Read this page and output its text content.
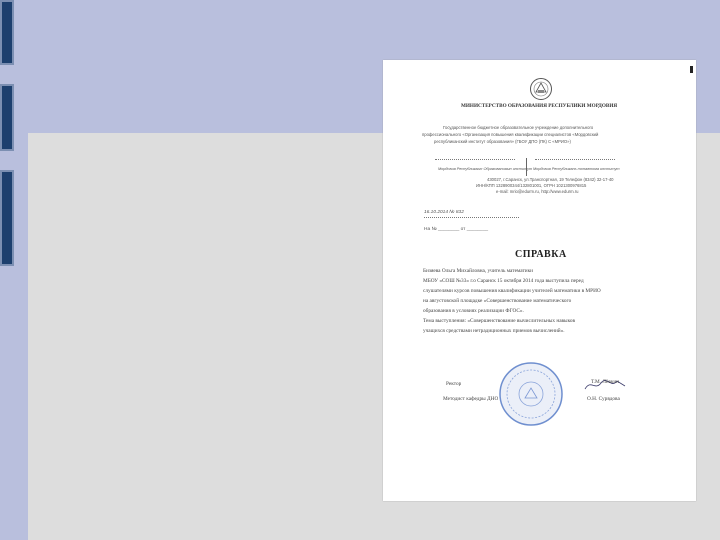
МИНИСТЕРСТВО ОБРАЗОВАНИЯ РЕСПУБЛИКИ МОРДОВИЯ

Государственное бюджетное образовательное учреждение дополнительного

профессионального «Организация повышения квалификации специалистов «Мордовский

республиканский институт образования» (ГБОУ ДПО (ПК) С «МРИО»)

Мордовия Республикаын Образованияын институт Мордовия Республикань тонавтома институт

430027, г.Саранск, ул.Транспортная, 19 Телефон (8342) 32-17-40

ИНН/КПП 1328900344/132801001, ОГРН 1021300976815

e-mail: mrio@edurm.ru, http://www.edurm.ru

16.10.2014 № 832

На № ________ от ________

СПРАВКА

Бизяева Ольга Михайловна, учитель математики

МБОУ «СОШ №33» г.о Саранск 15 октября 2014 года выступила перед

слушателями курсов повышения квалификации учителей математики в МРИО

на августовской площадке «Совершенствование математического

образования в условиях реализации ФГОС».

Тема выступления: «Совершенствование вычислительных навыков

учащихся средствами нетрадиционных приемов вычислений».

Ректор	Т.М. Лёвкин

Методист кафедры ДНО	О.Н. Сурвдова
